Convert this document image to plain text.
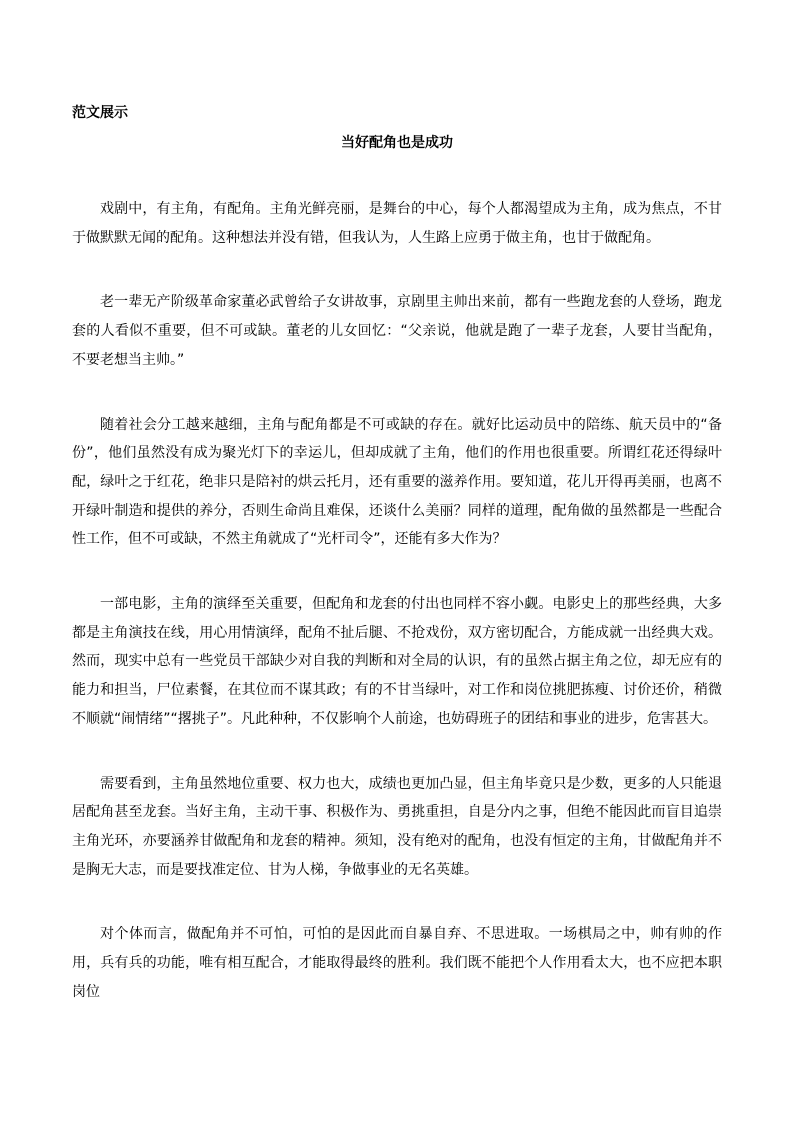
范文展示

当好配角也是成功

戏剧中，有主角，有配角。主角光鲜亮丽，是舞台的中心，每个人都渴望成为主角，成为焦点，不甘于做默默无闻的配角。这种想法并没有错，但我认为，人生路上应勇于做主角，也甘于做配角。

老一辈无产阶级革命家董必武曾给子女讲故事，京剧里主帅出来前，都有一些跑龙套的人登场，跑龙套的人看似不重要，但不可或缺。董老的儿女回忆：“父亲说，他就是跑了一辈子龙套，人要甘当配角，不要老想当主帅。”

随着社会分工越来越细，主角与配角都是不可或缺的存在。就好比运动员中的陪练、航天员中的“备份”，他们虽然没有成为聚光灯下的幸运儿，但却成就了主角，他们的作用也很重要。所谓红花还得绿叶配，绿叶之于红花，绝非只是陪衬的烘云托月，还有重要的滋养作用。要知道，花儿开得再美丽，也离不开绿叶制造和提供的养分，否则生命尚且难保，还谈什么美丽？同样的道理，配角做的虽然都是一些配合性工作，但不可或缺，不然主角就成了“光杆司令”，还能有多大作为？

一部电影，主角的演绎至关重要，但配角和龙套的付出也同样不容小觑。电影史上的那些经典，大多都是主角演技在线，用心用情演绎，配角不扯后腿、不抢戏份，双方密切配合，方能成就一出经典大戏。然而，现实中总有一些党员干部缺少对自我的判断和对全局的认识，有的虽然占据主角之位，却无应有的能力和担当，尸位素餐，在其位而不谋其政；有的不甘当绿叶，对工作和岗位挑肥拣瘦、讨价还价，稍微不顺就“闹情绪”“撂挑子”。凡此种种，不仅影响个人前途，也妨碍班子的团结和事业的进步，危害甚大。

需要看到，主角虽然地位重要、权力也大，成绩也更加凸显，但主角毕竟只是少数，更多的人只能退居配角甚至龙套。当好主角，主动干事、积极作为、勇挑重担，自是分内之事，但绝不能因此而盲目追崇主角光环，亦要涵养甘做配角和龙套的精神。须知，没有绝对的配角，也没有恒定的主角，甘做配角并不是胸无大志，而是要找准定位、甘为人梯，争做事业的无名英雄。

对个体而言，做配角并不可怕，可怕的是因此而自暴自弃、不思进取。一场棋局之中，帅有帅的作用，兵有兵的功能，唯有相互配合，才能取得最终的胜利。我们既不能把个人作用看太大，也不应把本职岗位
